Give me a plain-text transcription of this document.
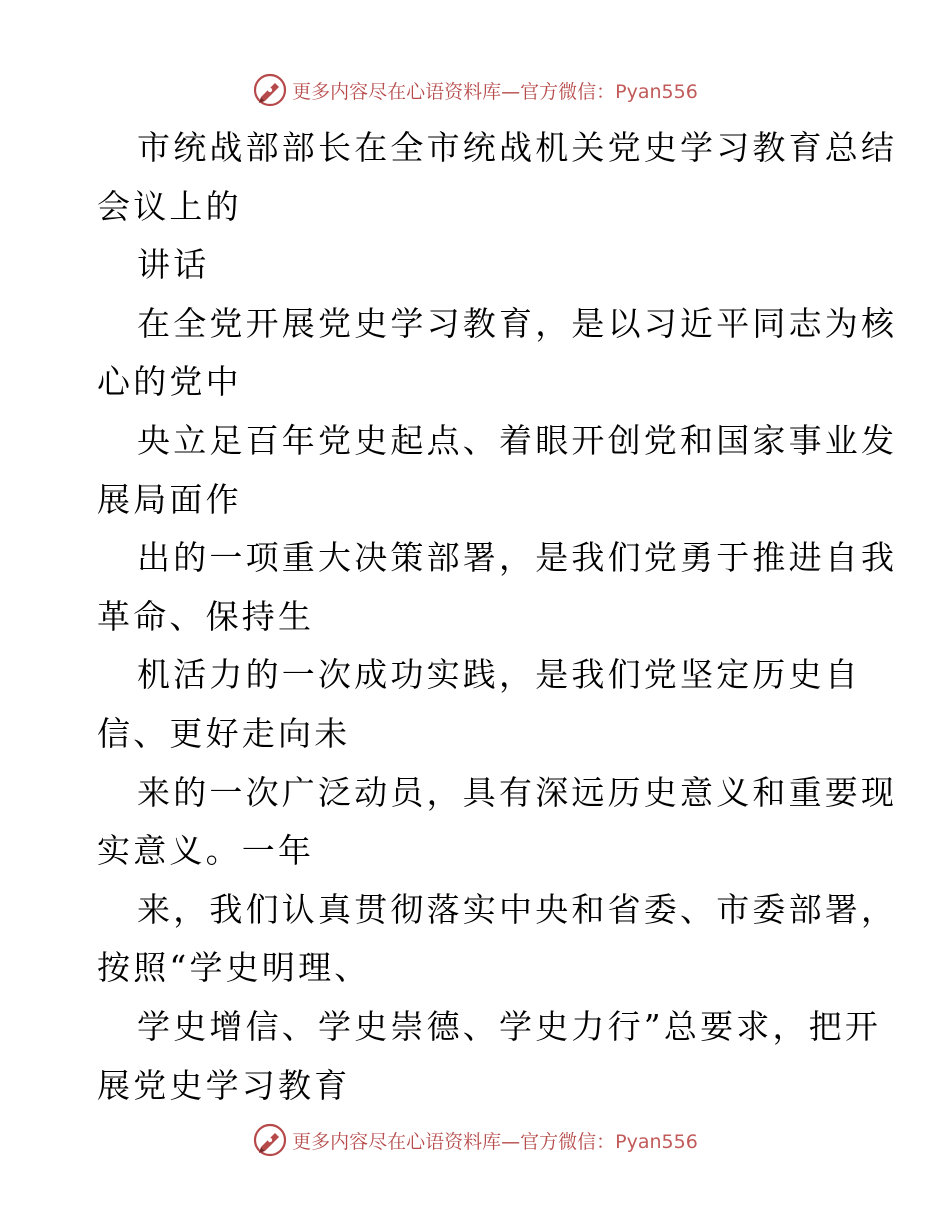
更多内容尽在心语资料库—官方微信：Pyan556
市统战部部长在全市统战机关党史学习教育总结
会议上的
讲话
在全党开展党史学习教育，是以习近平同志为核
心的党中
央立足百年党史起点、着眼开创党和国家事业发
展局面作
出的一项重大决策部署，是我们党勇于推进自我
革命、保持生
机活力的一次成功实践，是我们党坚定历史自
信、更好走向未
来的一次广泛动员，具有深远历史意义和重要现
实意义。一年
来，我们认真贯彻落实中央和省委、市委部署，
按照“学史明理、
学史增信、学史崇德、学史力行”总要求，把开
展党史学习教育
更多内容尽在心语资料库—官方微信：Pyan556
